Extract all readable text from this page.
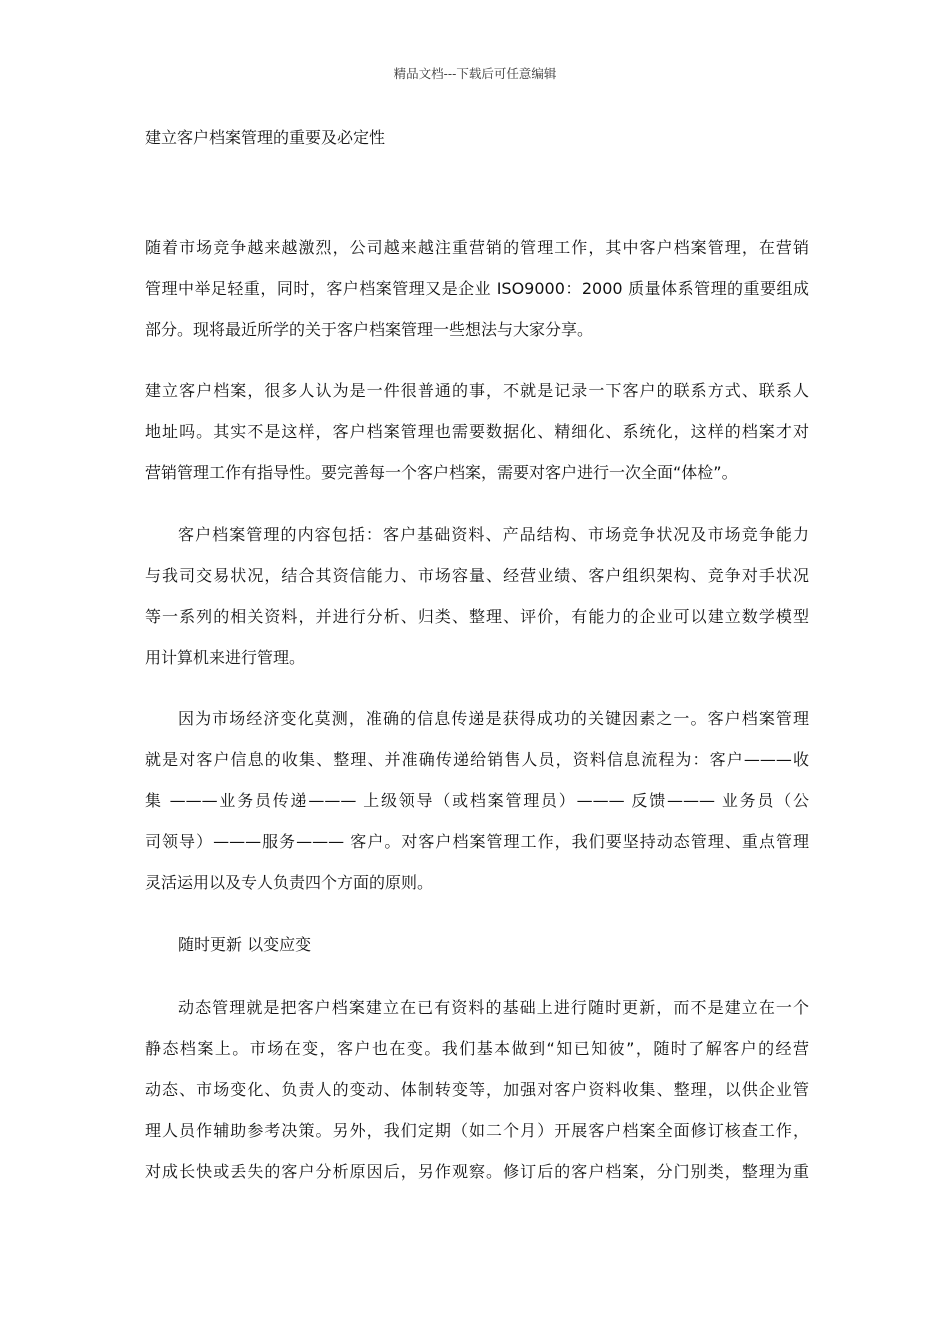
精品文档---下载后可任意编辑
建立客户档案管理的重要及必定性

随着市场竞争越来越激烈，公司越来越注重营销的管理工作，其中客户档案管理，在营销
管理中举足轻重，同时，客户档案管理又是企业 ISO9000：2000 质量体系管理的重要组成
部分。现将最近所学的关于客户档案管理一些想法与大家分享。

建立客户档案，很多人认为是一件很普通的事，不就是记录一下客户的联系方式、联系人
地址吗。其实不是这样，客户档案管理也需要数据化、精细化、系统化，这样的档案才对
营销管理工作有指导性。要完善每一个客户档案，需要对客户进行一次全面“体检”。

客户档案管理的内容包括：客户基础资料、产品结构、市场竞争状况及市场竞争能力
与我司交易状况，结合其资信能力、市场容量、经营业绩、客户组织架构、竞争对手状况
等一系列的相关资料，并进行分析、归类、整理、评价，有能力的企业可以建立数学模型
用计算机来进行管理。

因为市场经济变化莫测，准确的信息传递是获得成功的关键因素之一。客户档案管理
就是对客户信息的收集、整理、并准确传递给销售人员，资料信息流程为：客户———收
集 ———业务员传递——— 上级领导（或档案管理员）——— 反馈——— 业务员（公
司领导）———服务——— 客户。对客户档案管理工作，我们要坚持动态管理、重点管理
灵活运用以及专人负责四个方面的原则。

随时更新 以变应变

动态管理就是把客户档案建立在已有资料的基础上进行随时更新，而不是建立在一个
静态档案上。市场在变，客户也在变。我们基本做到“知已知彼”，随时了解客户的经营
动态、市场变化、负责人的变动、体制转变等，加强对客户资料收集、整理，以供企业管
理人员作辅助参考决策。另外，我们定期（如二个月）开展客户档案全面修订核查工作，
对成长快或丢失的客户分析原因后，另作观察。修订后的客户档案，分门别类，整理为重
